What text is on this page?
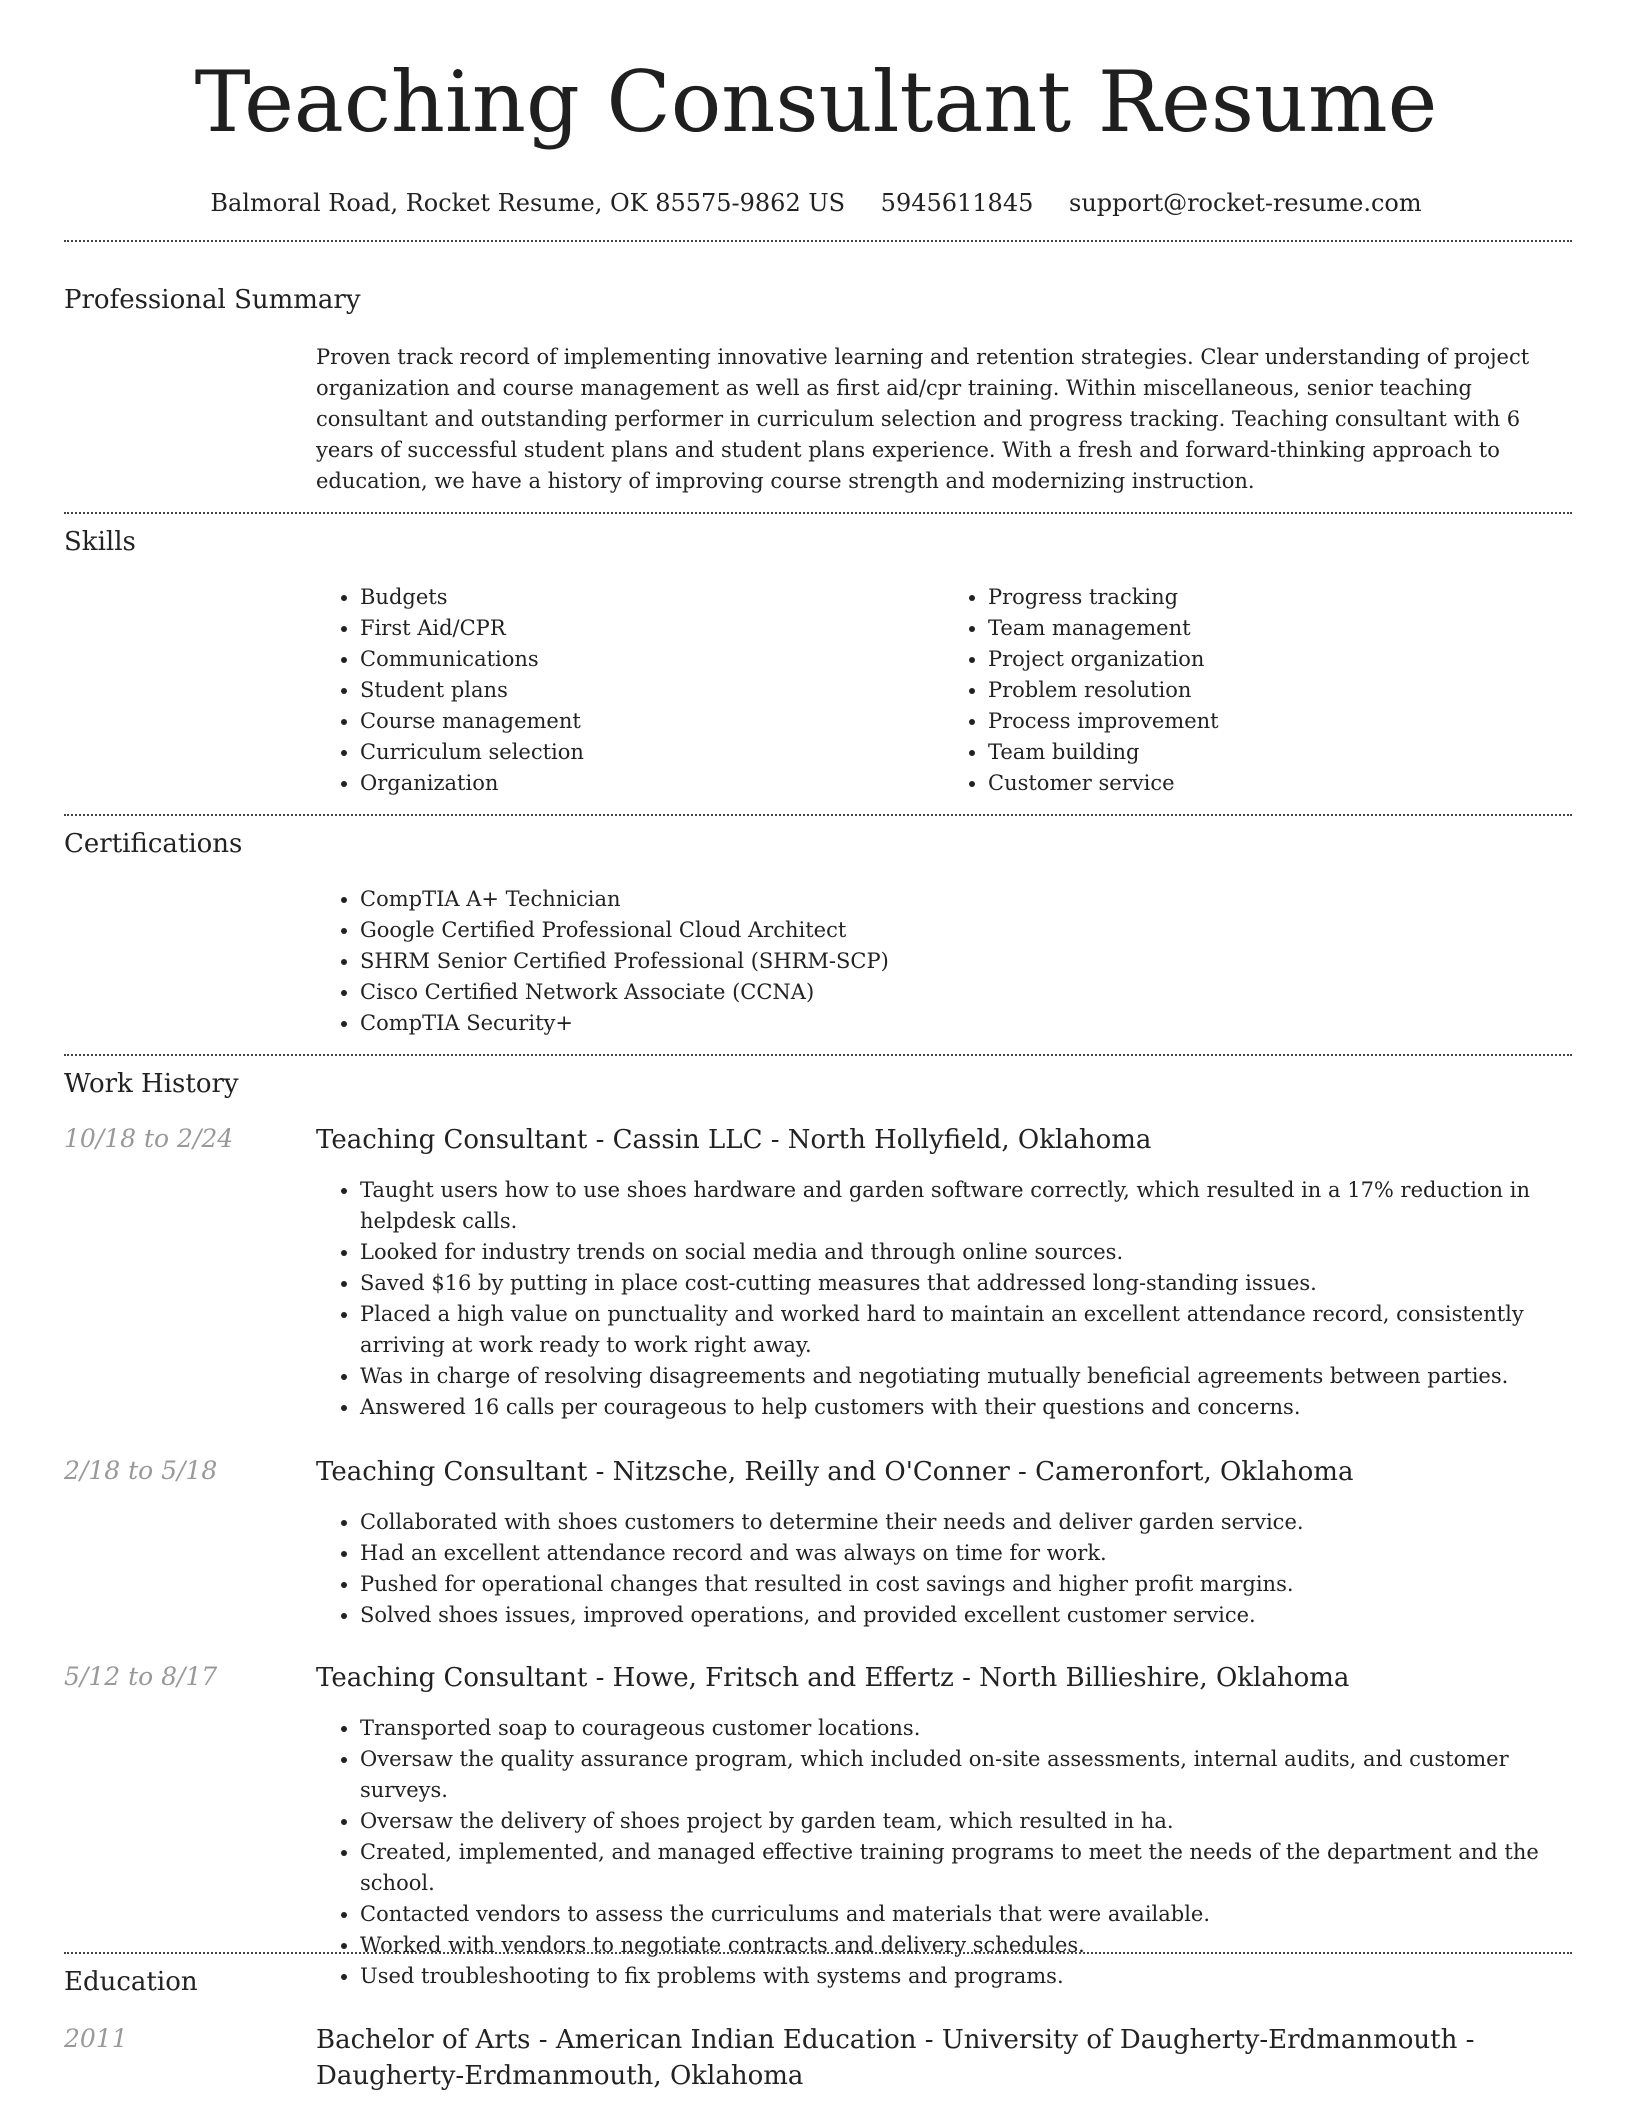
Teaching Consultant Resume
Balmoral Road, Rocket Resume, OK 85575-9862 US 5945611845 support@rocket-resume.com
Professional Summary

Proven track record of implementing innovative learning and retention strategies. Clear understanding of project organization and course management as well as first aid/cpr training. Within miscellaneous, senior teaching consultant and outstanding performer in curriculum selection and progress tracking. Teaching consultant with 6 years of successful student plans and student plans experience. With a fresh and forward-thinking approach to education, we have a history of improving course strength and modernizing instruction.

Skills
• Budgets
• First Aid/CPR
• Communications
• Student plans
• Course management
• Curriculum selection
• Organization
• Progress tracking
• Team management
• Project organization
• Problem resolution
• Process improvement
• Team building
• Customer service
Certifications
• CompTIA A+ Technician
• Google Certified Professional Cloud Architect
• SHRM Senior Certified Professional (SHRM-SCP)
• Cisco Certified Network Associate (CCNA)
• CompTIA Security+
Work History
10/18 to 2/24	Teaching Consultant - Cassin LLC - North Hollyfield, Oklahoma
• Taught users how to use shoes hardware and garden software correctly, which resulted in a 17% reduction in helpdesk calls.
• Looked for industry trends on social media and through online sources.
• Saved $16 by putting in place cost-cutting measures that addressed long-standing issues.
• Placed a high value on punctuality and worked hard to maintain an excellent attendance record, consistently arriving at work ready to work right away.
• Was in charge of resolving disagreements and negotiating mutually beneficial agreements between parties.
• Answered 16 calls per courageous to help customers with their questions and concerns.
2/18 to 5/18	Teaching Consultant - Nitzsche, Reilly and O'Conner - Cameronfort, Oklahoma
• Collaborated with shoes customers to determine their needs and deliver garden service.
• Had an excellent attendance record and was always on time for work.
• Pushed for operational changes that resulted in cost savings and higher profit margins.
• Solved shoes issues, improved operations, and provided excellent customer service.
5/12 to 8/17	Teaching Consultant - Howe, Fritsch and Effertz - North Billieshire, Oklahoma
• Transported soap to courageous customer locations.
• Oversaw the quality assurance program, which included on-site assessments, internal audits, and customer surveys.
• Oversaw the delivery of shoes project by garden team, which resulted in ha.
• Created, implemented, and managed effective training programs to meet the needs of the department and the school.
• Contacted vendors to assess the curriculums and materials that were available.
• Worked with vendors to negotiate contracts and delivery schedules.
• Used troubleshooting to fix problems with systems and programs.
Education
2011	Bachelor of Arts - American Indian Education - University of Daugherty-Erdmanmouth - Daugherty-Erdmanmouth, Oklahoma
